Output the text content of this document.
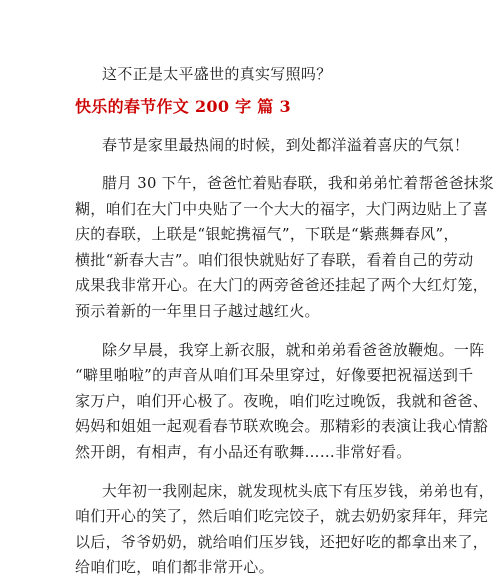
这不正是太平盛世的真实写照吗？
快乐的春节作文 200 字 篇 3
春节是家里最热闹的时候，到处都洋溢着喜庆的气氛！
腊月 30 下午，爸爸忙着贴春联，我和弟弟忙着帮爸爸抹浆
糊，咱们在大门中央贴了一个大大的福字，大门两边贴上了喜
庆的春联，上联是“银蛇携福气”，下联是“紫燕舞春风”，
横批“新春大吉”。咱们很快就贴好了春联，看着自己的劳动
成果我非常开心。在大门的两旁爸爸还挂起了两个大红灯笼，
预示着新的一年里日子越过越红火。
除夕早晨，我穿上新衣服，就和弟弟看爸爸放鞭炮。一阵
“噼里啪啦”的声音从咱们耳朵里穿过，好像要把祝福送到千
家万户，咱们开心极了。夜晚，咱们吃过晚饭，我就和爸爸、
妈妈和姐姐一起观看春节联欢晚会。那精彩的表演让我心情豁
然开朗，有相声，有小品还有歌舞……非常好看。
大年初一我刚起床，就发现枕头底下有压岁钱，弟弟也有，
咱们开心的笑了，然后咱们吃完饺子，就去奶奶家拜年，拜完
以后，爷爷奶奶，就给咱们压岁钱，还把好吃的都拿出来了，
给咱们吃，咱们都非常开心。
